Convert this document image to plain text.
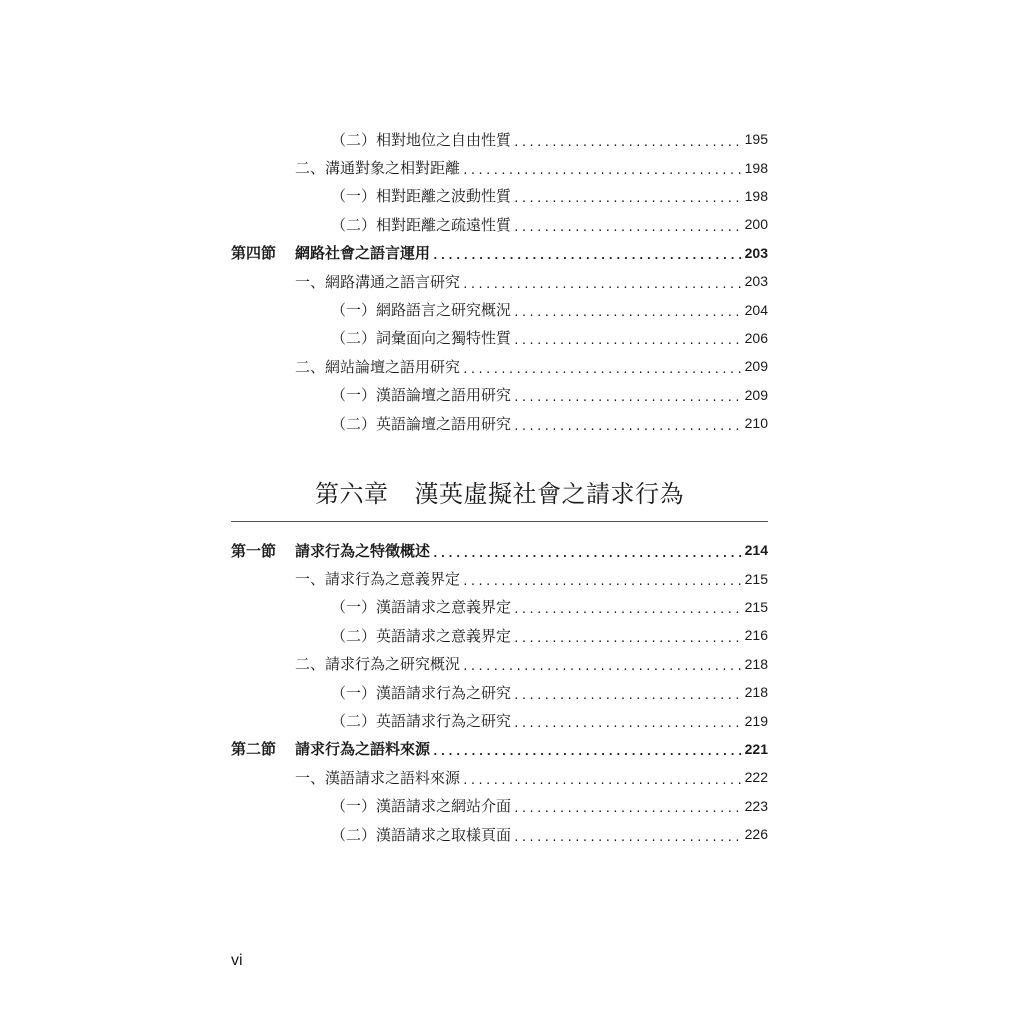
（二）相對地位之自由性質 .....	195
二、溝通對象之相對距離 .....	198
（一）相對距離之波動性質 .....	198
（二）相對距離之疏遠性質 .....	200
第四節 網路社會之語言運用 .....	203
一、網路溝通之語言研究 .....	203
（一）網路語言之研究概況 .....	204
（二）詞彙面向之獨特性質 .....	206
二、網站論壇之語用研究 .....	209
（一）漢語論壇之語用研究 .....	209
（二）英語論壇之語用研究 .....	210
第六章 漢英虛擬社會之請求行為
第一節 請求行為之特徵概述 .....	214
一、請求行為之意義界定 .....	215
（一）漢語請求之意義界定 .....	215
（二）英語請求之意義界定 .....	216
二、請求行為之研究概況 .....	218
（一）漢語請求行為之研究 .....	218
（二）英語請求行為之研究 .....	219
第二節 請求行為之語料來源 .....	221
一、漢語請求之語料來源 .....	222
（一）漢語請求之網站介面 .....	223
（二）漢語請求之取樣頁面 .....	226
vi
